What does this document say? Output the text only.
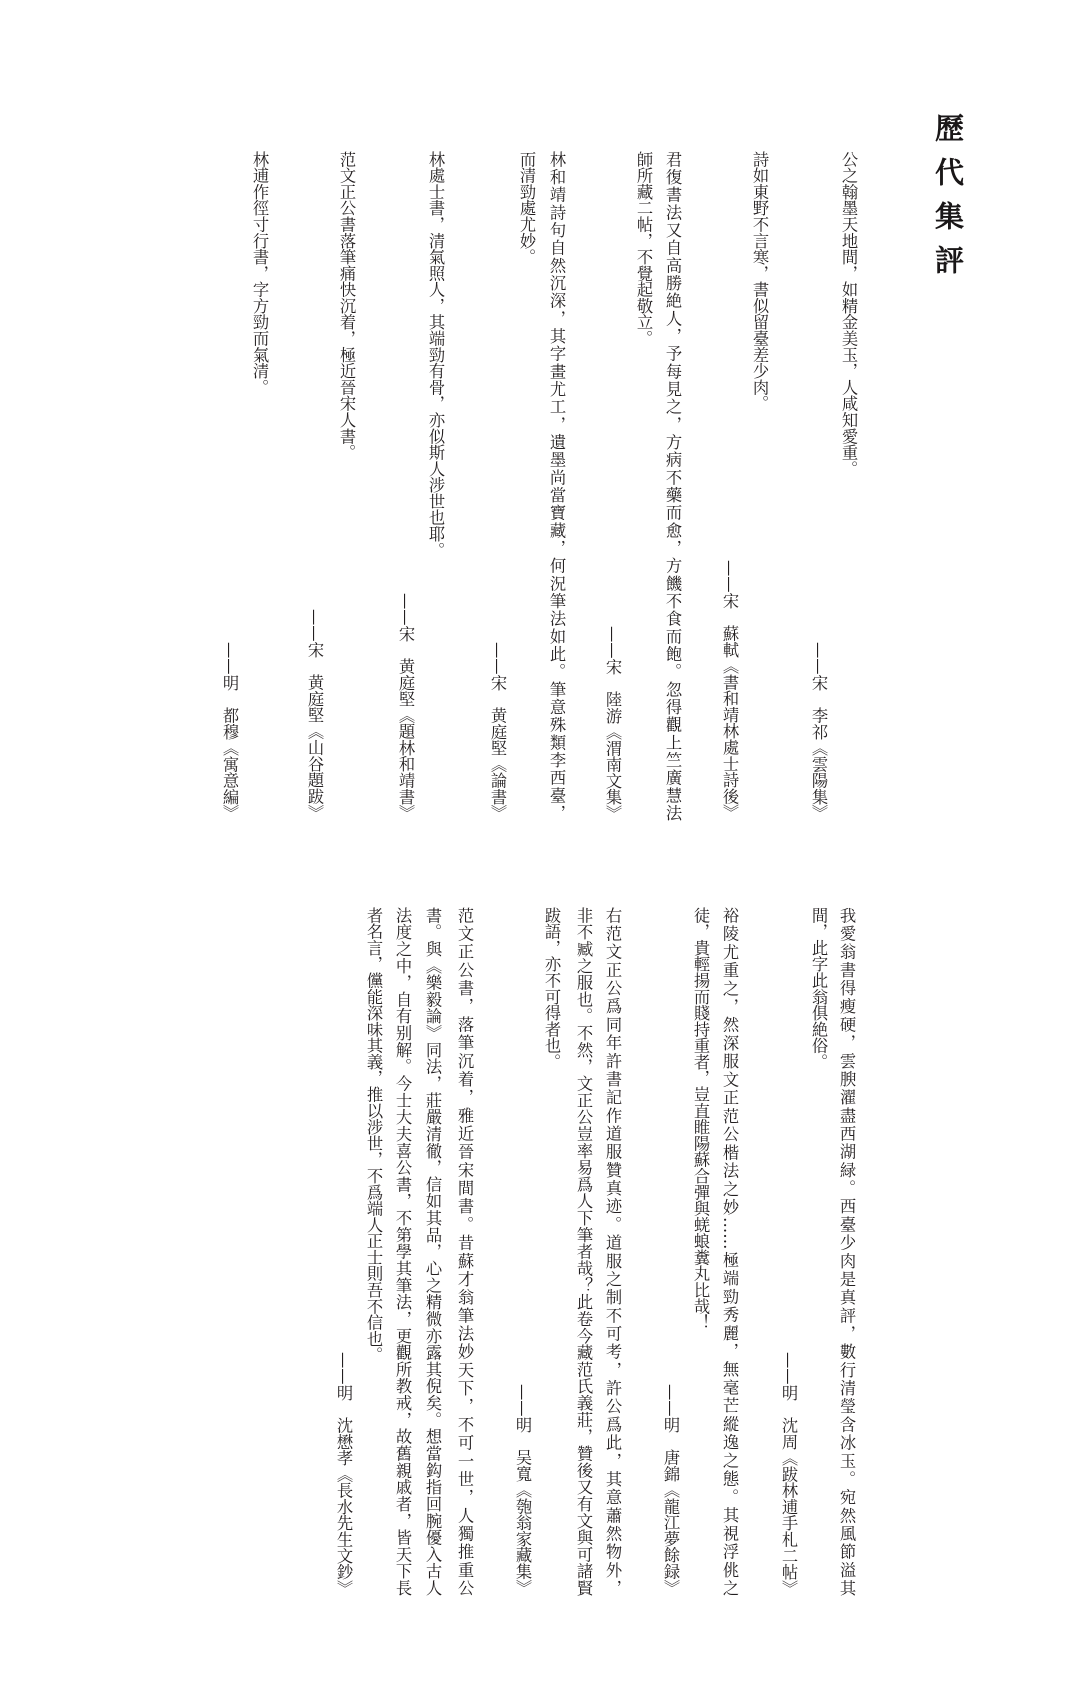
歷代集評
公之翰墨天地間，如精金美玉，人咸知愛重。
——宋　李祁《雲陽集》
詩如東野不言寒，書似留臺差少肉。
——宋　蘇軾《書和靖林處士詩後》
君復書法又自高勝絶人，予每見之，方病不藥而愈，方饑不食而飽。忽得觀上竺廣慧法
師所藏二帖，不覺起敬立。
——宋　陸游《渭南文集》
林和靖詩句自然沉深，其字畫尤工，遺墨尚當寶藏，何況筆法如此。筆意殊類李西臺，
而清勁處尤妙。
——宋　黄庭堅《論書》
林處士書，清氣照人，其端勁有骨，亦似斯人涉世也耶。
——宋　黄庭堅《題林和靖書》
范文正公書落筆痛快沉着，極近晉宋人書。
——宋　黄庭堅《山谷題跋》
林逋作徑寸行書，字方勁而氣清。
——明　都穆《寓意編》
我愛翁書得瘦硬，雲腴濯盡西湖緑。西臺少肉是真評，數行清瑩含冰玉。宛然風節溢其
間，此字此翁俱絶俗。
——明　沈周《跋林逋手札二帖》
裕陵尤重之，然深服文正范公楷法之妙……極端勁秀麗，無毫芒縱逸之態。其視浮佻之
徒，貴輕揚而賤持重者，豈直睢陽蘇合彈與蜣蜋糞丸比哉！
——明　唐錦《龍江夢餘録》
右范文正公爲同年許書記作道服贊真迹。道服之制不可考，許公爲此，其意蕭然物外，
非不臧之服也。不然，文正公豈率易爲人下筆者哉？此卷今藏范氏義莊，贊後又有文與可諸賢
跋語，亦不可得者也。
——明　吴寬《匏翁家藏集》
范文正公書，落筆沉着，雅近晉宋間書。昔蘇才翁筆法妙天下，不可一世，人獨推重公
書。與《樂毅論》同法，莊嚴清徹，信如其品，心之精微亦露其倪矣。想當鈎指回腕優入古人
法度之中，自有别解。今士大夫喜公書，不第學其筆法，更觀所教戒，故舊親戚者，皆天下長
者名言，儻能深味其義，推以涉世，不爲端人正士則吾不信也。
——明　沈懋孝《長水先生文鈔》
